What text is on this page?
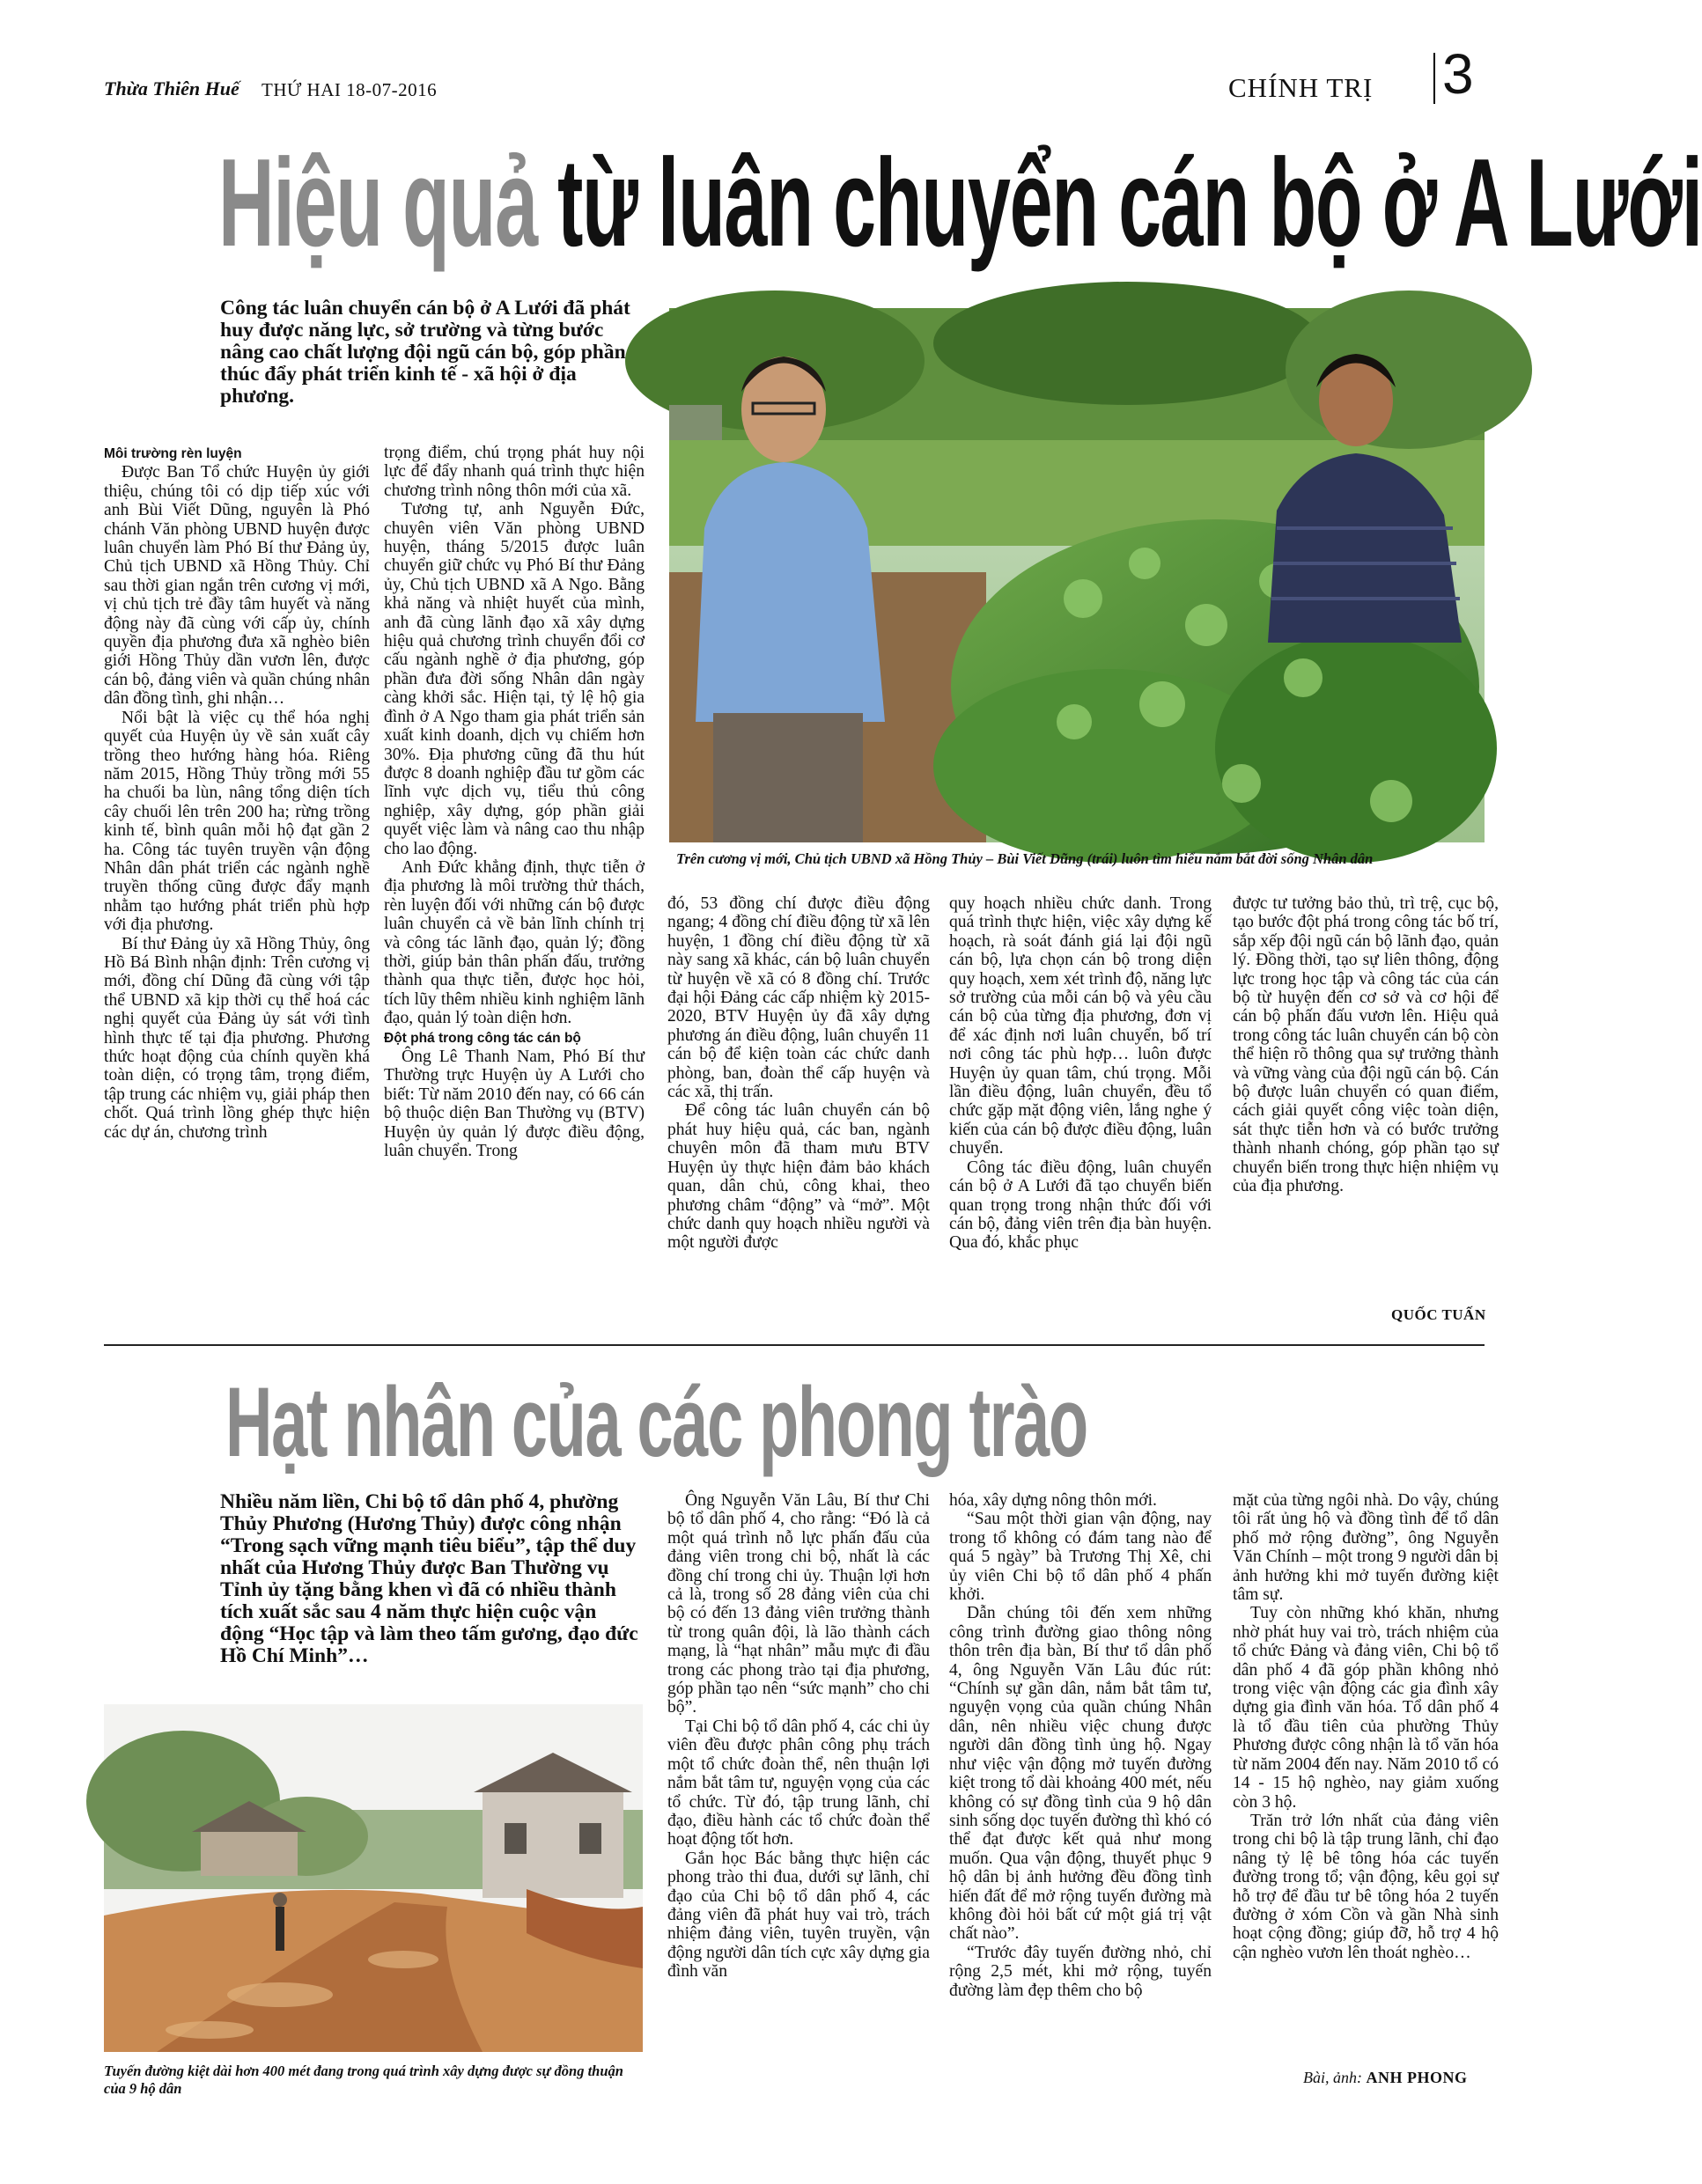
Thừa Thiên Huế THỨ HAI 18-07-2016	CHÍNH TRỊ 3
Hiệu quả từ luân chuyển cán bộ ở A Lưới
Công tác luân chuyển cán bộ ở A Lưới đã phát huy được năng lực, sở trường và từng bước nâng cao chất lượng đội ngũ cán bộ, góp phần thúc đẩy phát triển kinh tế - xã hội ở địa phương.
Trên cương vị mới, Chủ tịch UBND xã Hồng Thủy – Bùi Viết Dũng (trái) luôn tìm hiểu nắm bắt đời sống Nhân dân

Môi trường rèn luyện

Được Ban Tổ chức Huyện ủy giới thiệu, chúng tôi có dịp tiếp xúc với anh Bùi Viết Dũng, nguyên là Phó chánh Văn phòng UBND huyện được luân chuyển làm Phó Bí thư Đảng ủy, Chủ tịch UBND xã Hồng Thủy. Chỉ sau thời gian ngắn trên cương vị mới, vị chủ tịch trẻ đầy tâm huyết và năng động này đã cùng với cấp ủy, chính quyền địa phương đưa xã nghèo biên giới Hồng Thủy dần vươn lên, được cán bộ, đảng viên và quần chúng nhân dân đồng tình, ghi nhận…

Nổi bật là việc cụ thể hóa nghị quyết của Huyện ủy về sản xuất cây trồng theo hướng hàng hóa. Riêng năm 2015, Hồng Thủy trồng mới 55 ha chuối ba lùn, nâng tổng diện tích cây chuối lên trên 200 ha; rừng trồng kinh tế, bình quân mỗi hộ đạt gần 2 ha. Công tác tuyên truyền vận động Nhân dân phát triển các ngành nghề truyền thống cũng được đẩy mạnh nhằm tạo hướng phát triển phù hợp với địa phương.

Bí thư Đảng ủy xã Hồng Thủy, ông Hồ Bá Bình nhận định: Trên cương vị mới, đồng chí Dũng đã cùng với tập thể UBND xã kịp thời cụ thể hoá các nghị quyết của Đảng ủy sát với tình hình thực tế tại địa phương. Phương thức hoạt động của chính quyền khá toàn diện, có trọng tâm, trọng điểm, tập trung các nhiệm vụ, giải pháp then chốt. Quá trình lồng ghép thực hiện các dự án, chương trình

trọng điểm, chú trọng phát huy nội lực để đẩy nhanh quá trình thực hiện chương trình nông thôn mới của xã.

Tương tự, anh Nguyễn Đức, chuyên viên Văn phòng UBND huyện, tháng 5/2015 được luân chuyển giữ chức vụ Phó Bí thư Đảng ủy, Chủ tịch UBND xã A Ngo. Bằng khả năng và nhiệt huyết của mình, anh đã cùng lãnh đạo xã xây dựng hiệu quả chương trình chuyển đổi cơ cấu ngành nghề ở địa phương, góp phần đưa đời sống Nhân dân ngày càng khởi sắc. Hiện tại, tỷ lệ hộ gia đình ở A Ngo tham gia phát triển sản xuất kinh doanh, dịch vụ chiếm hơn 30%. Địa phương cũng đã thu hút được 8 doanh nghiệp đầu tư gồm các lĩnh vực dịch vụ, tiểu thủ công nghiệp, xây dựng, góp phần giải quyết việc làm và nâng cao thu nhập cho lao động.

Anh Đức khẳng định, thực tiễn ở địa phương là môi trường thử thách, rèn luyện đối với những cán bộ được luân chuyển cả về bản lĩnh chính trị và công tác lãnh đạo, quản lý; đồng thời, giúp bản thân phấn đấu, trưởng thành qua thực tiễn, được học hỏi, tích lũy thêm nhiều kinh nghiệm lãnh đạo, quản lý toàn diện hơn.

Đột phá trong công tác cán bộ

Ông Lê Thanh Nam, Phó Bí thư Thường trực Huyện ủy A Lưới cho biết: Từ năm 2010 đến nay, có 66 cán bộ thuộc diện Ban Thường vụ (BTV) Huyện ủy quản lý được điều động, luân chuyển. Trong

đó, 53 đồng chí được điều động ngang; 4 đồng chí điều động từ xã lên huyện, 1 đồng chí điều động từ xã này sang xã khác, cán bộ luân chuyển từ huyện về xã có 8 đồng chí. Trước đại hội Đảng các cấp nhiệm kỳ 2015-2020, BTV Huyện ủy đã xây dựng phương án điều động, luân chuyển 11 cán bộ để kiện toàn các chức danh phòng, ban, đoàn thể cấp huyện và các xã, thị trấn.

Để công tác luân chuyển cán bộ phát huy hiệu quả, các ban, ngành chuyên môn đã tham mưu BTV Huyện ủy thực hiện đảm bảo khách quan, dân chủ, công khai, theo phương châm “động” và “mở”. Một chức danh quy hoạch nhiều người và một người được

quy hoạch nhiều chức danh. Trong quá trình thực hiện, việc xây dựng kế hoạch, rà soát đánh giá lại đội ngũ cán bộ, lựa chọn cán bộ trong diện quy hoạch, xem xét trình độ, năng lực sở trường của mỗi cán bộ và yêu cầu cán bộ của từng địa phương, đơn vị để xác định nơi luân chuyển, bố trí nơi công tác phù hợp… luôn được Huyện ủy quan tâm, chú trọng. Mỗi lần điều động, luân chuyển, đều tổ chức gặp mặt động viên, lắng nghe ý kiến của cán bộ được điều động, luân chuyển.

Công tác điều động, luân chuyển cán bộ ở A Lưới đã tạo chuyển biến quan trọng trong nhận thức đối với cán bộ, đảng viên trên địa bàn huyện. Qua đó, khắc phục

được tư tưởng bảo thủ, trì trệ, cục bộ, tạo bước đột phá trong công tác bố trí, sắp xếp đội ngũ cán bộ lãnh đạo, quản lý. Đồng thời, tạo sự liên thông, động lực trong học tập và công tác của cán bộ từ huyện đến cơ sở và cơ hội để cán bộ phấn đấu vươn lên. Hiệu quả trong công tác luân chuyển cán bộ còn thể hiện rõ thông qua sự trưởng thành và vững vàng của đội ngũ cán bộ. Cán bộ được luân chuyển có quan điểm, cách giải quyết công việc toàn diện, sát thực tiễn hơn và có bước trưởng thành nhanh chóng, góp phần tạo sự chuyển biến trong thực hiện nhiệm vụ của địa phương.

QUỐC TUẤN
Hạt nhân của các phong trào
Nhiều năm liền, Chi bộ tổ dân phố 4, phường Thủy Phương (Hương Thủy) được công nhận “Trong sạch vững mạnh tiêu biểu”, tập thể duy nhất của Hương Thủy được Ban Thường vụ Tỉnh ủy tặng bằng khen vì đã có nhiều thành tích xuất sắc sau 4 năm thực hiện cuộc vận động “Học tập và làm theo tấm gương, đạo đức Hồ Chí Minh”…
Tuyến đường kiệt dài hơn 400 mét đang trong quá trình xây dựng được sự đồng thuận của 9 hộ dân

Ông Nguyễn Văn Lâu, Bí thư Chi bộ tổ dân phố 4, cho rằng: “Đó là cả một quá trình nỗ lực phấn đấu của đảng viên trong chi bộ, nhất là các đồng chí trong chi ủy. Thuận lợi hơn cả là, trong số 28 đảng viên của chi bộ có đến 13 đảng viên trưởng thành từ trong quân đội, là lão thành cách mạng, là “hạt nhân” mẫu mực đi đầu trong các phong trào tại địa phương, góp phần tạo nên “sức mạnh” cho chi bộ”.

Tại Chi bộ tổ dân phố 4, các chi ủy viên đều được phân công phụ trách một tổ chức đoàn thể, nên thuận lợi nắm bắt tâm tư, nguyện vọng của các tổ chức. Từ đó, tập trung lãnh, chỉ đạo, điều hành các tổ chức đoàn thể hoạt động tốt hơn.

Gắn học Bác bằng thực hiện các phong trào thi đua, dưới sự lãnh, chỉ đạo của Chi bộ tổ dân phố 4, các đảng viên đã phát huy vai trò, trách nhiệm đảng viên, tuyên truyền, vận động người dân tích cực xây dựng gia đình văn

hóa, xây dựng nông thôn mới.

“Sau một thời gian vận động, nay trong tổ không có đám tang nào để quá 5 ngày” bà Trương Thị Xê, chi ủy viên Chi bộ tổ dân phố 4 phấn khởi.

Dẫn chúng tôi đến xem những công trình đường giao thông nông thôn trên địa bàn, Bí thư tổ dân phố 4, ông Nguyễn Văn Lâu đúc rút: “Chính sự gần dân, nắm bắt tâm tư, nguyện vọng của quần chúng Nhân dân, nên nhiều việc chung được người dân đồng tình ủng hộ. Ngay như việc vận động mở tuyến đường kiệt trong tổ dài khoảng 400 mét, nếu không có sự đồng tình của 9 hộ dân sinh sống dọc tuyến đường thì khó có thể đạt được kết quả như mong muốn. Qua vận động, thuyết phục 9 hộ dân bị ảnh hưởng đều đồng tình hiến đất để mở rộng tuyến đường mà không đòi hỏi bất cứ một giá trị vật chất nào”.

“Trước đây tuyến đường nhỏ, chỉ rộng 2,5 mét, khi mở rộng, tuyến đường làm đẹp thêm cho bộ

mặt của từng ngôi nhà. Do vậy, chúng tôi rất ủng hộ và đồng tình để tổ dân phố mở rộng đường”, ông Nguyễn Văn Chính – một trong 9 người dân bị ảnh hưởng khi mở tuyến đường kiệt tâm sự.

Tuy còn những khó khăn, nhưng nhờ phát huy vai trò, trách nhiệm của tổ chức Đảng và đảng viên, Chi bộ tổ dân phố 4 đã góp phần không nhỏ trong việc vận động các gia đình xây dựng gia đình văn hóa. Tổ dân phố 4 là tổ đầu tiên của phường Thủy Phương được công nhận là tổ văn hóa từ năm 2004 đến nay. Năm 2010 tổ có 14 - 15 hộ nghèo, nay giảm xuống còn 3 hộ.

Trăn trở lớn nhất của đảng viên trong chi bộ là tập trung lãnh, chỉ đạo nâng tỷ lệ bê tông hóa các tuyến đường trong tổ; vận động, kêu gọi sự hỗ trợ để đầu tư bê tông hóa 2 tuyến đường ở xóm Cồn và gần Nhà sinh hoạt cộng đồng; giúp đỡ, hỗ trợ 4 hộ cận nghèo vươn lên thoát nghèo…

Bài, ảnh: ANH PHONG
